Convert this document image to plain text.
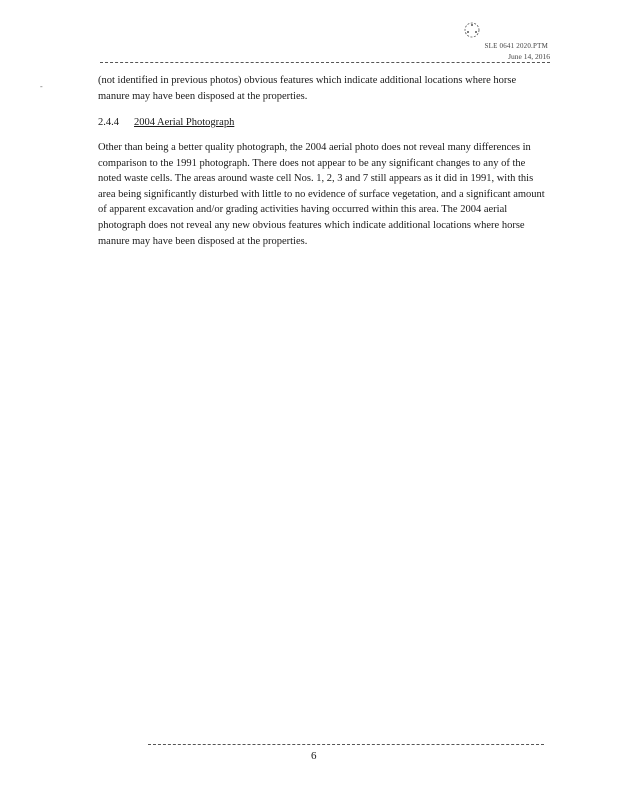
SLE 0641 2020.PTM
June 14, 2016
-

(not identified in previous photos) obvious features which indicate additional locations where horse manure may have been disposed at the properties.

2.4.4 2004 Aerial Photograph

Other than being a better quality photograph, the 2004 aerial photo does not reveal many differences in comparison to the 1991 photograph. There does not appear to be any significant changes to any of the noted waste cells. The areas around waste cell Nos. 1, 2, 3 and 7 still appears as it did in 1991, with this area being significantly disturbed with little to no evidence of surface vegetation, and a significant amount of apparent excavation and/or grading activities having occurred within this area. The 2004 aerial photograph does not reveal any new obvious features which indicate additional locations where horse manure may have been disposed at the properties.

6
